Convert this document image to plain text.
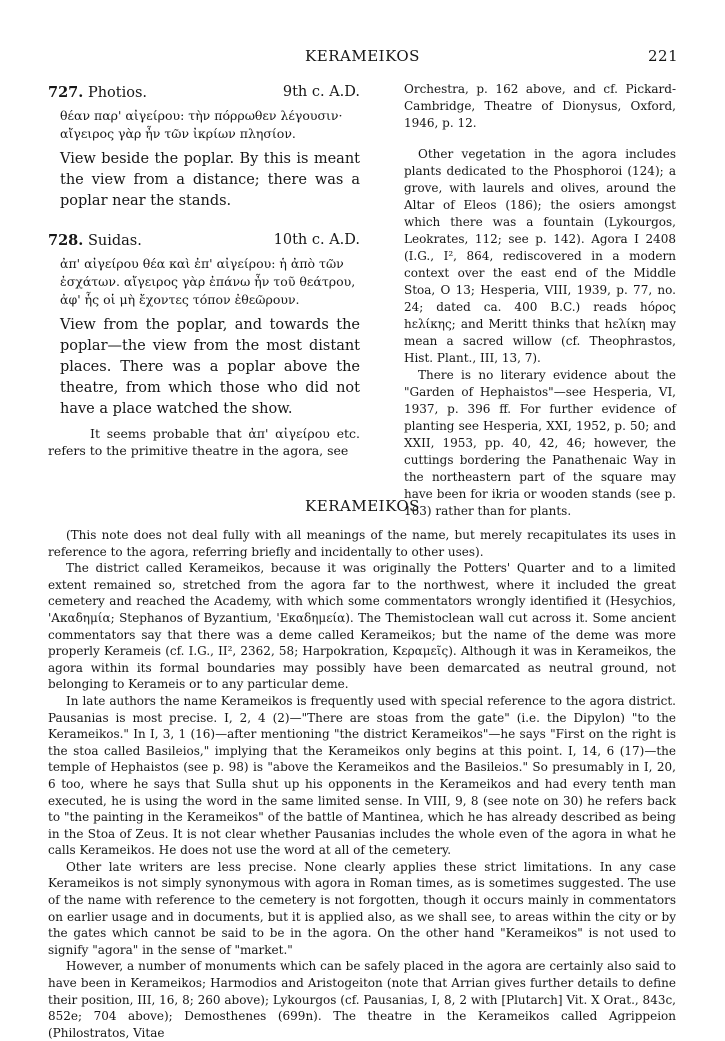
KERAMEIKOS	221
727. Photios.	9th c. A.D.
θέαν παρ' αἰγείρου: τὴν πόρρωθεν λέγουσιν·
αἴγειρος γὰρ ἦν τῶν ἰκρίων πλησίον.
View beside the poplar. By this is meant the view from a distance; there was a poplar near the stands.
728. Suidas.	10th c. A.D.
ἀπ' αἰγείρου θέα καὶ ἐπ' αἰγείρου: ἡ ἀπὸ τῶν
ἐσχάτων. αἴγειρος γὰρ ἐπάνω ἦν τοῦ θεάτρου,
ἀφ' ἧς οἱ μὴ ἔχοντες τόπον ἐθεῶρουν.
View from the poplar, and towards the poplar—the view from the most distant places. There was a poplar above the theatre, from which those who did not have a place watched the show.
It seems probable that ἀπ' αἰγείρου etc. refers to the primitive theatre in the agora, see

Orchestra, p. 162 above, and cf. Pickard-Cambridge, Theatre of Dionysus, Oxford, 1946, p. 12.

Other vegetation in the agora includes plants dedicated to the Phosphoroi (124); a grove, with laurels and olives, around the Altar of Eleos (186); the osiers amongst which there was a fountain (Lykourgos, Leokrates, 112; see p. 142). Agora I 2408 (I.G., I², 864, rediscovered in a modern context over the east end of the Middle Stoa, O 13; Hesperia, VIII, 1939, p. 77, no. 24; dated ca. 400 B.C.) reads hόρος hελίκης; and Meritt thinks that hελίκη may mean a sacred willow (cf. Theophrastos, Hist. Plant., III, 13, 7).

There is no literary evidence about the "Garden of Hephaistos"—see Hesperia, VI, 1937, p. 396 ff. For further evidence of planting see Hesperia, XXI, 1952, p. 50; and XXII, 1953, pp. 40, 42, 46; however, the cuttings bordering the Panathenaic Way in the northeastern part of the square may have been for ikria or wooden stands (see p. 163) rather than for plants.

KERAMEIKOS

(This note does not deal fully with all meanings of the name, but merely recapitulates its uses in reference to the agora, referring briefly and incidentally to other uses).

The district called Kerameikos, because it was originally the Potters' Quarter and to a limited extent remained so, stretched from the agora far to the northwest, where it included the great cemetery and reached the Academy, with which some commentators wrongly identified it (Hesychios, 'Ακαδημία; Stephanos of Byzantium, 'Εκαδημεία). The Themistoclean wall cut across it. Some ancient commentators say that there was a deme called Kerameikos; but the name of the deme was more properly Kerameis (cf. I.G., II², 2362, 58; Harpokration, Κεραμεῖς). Although it was in Kerameikos, the agora within its formal boundaries may possibly have been demarcated as neutral ground, not belonging to Kerameis or to any particular deme.

In late authors the name Kerameikos is frequently used with special reference to the agora district. Pausanias is most precise. I, 2, 4 (2)—"There are stoas from the gate" (i.e. the Dipylon) "to the Kerameikos." In I, 3, 1 (16)—after mentioning "the district Kerameikos"—he says "First on the right is the stoa called Basileios," implying that the Kerameikos only begins at this point. I, 14, 6 (17)—the temple of Hephaistos (see p. 98) is "above the Kerameikos and the Basileios." So presumably in I, 20, 6 too, where he says that Sulla shut up his opponents in the Kerameikos and had every tenth man executed, he is using the word in the same limited sense. In VIII, 9, 8 (see note on 30) he refers back to "the painting in the Kerameikos" of the battle of Mantinea, which he has already described as being in the Stoa of Zeus. It is not clear whether Pausanias includes the whole even of the agora in what he calls Kerameikos. He does not use the word at all of the cemetery.

Other late writers are less precise. None clearly applies these strict limitations. In any case Kerameikos is not simply synonymous with agora in Roman times, as is sometimes suggested. The use of the name with reference to the cemetery is not forgotten, though it occurs mainly in commentators on earlier usage and in documents, but it is applied also, as we shall see, to areas within the city or by the gates which cannot be said to be in the agora. On the other hand "Kerameikos" is not used to signify "agora" in the sense of "market."

However, a number of monuments which can be safely placed in the agora are certainly also said to have been in Kerameikos; Harmodios and Aristogeiton (note that Arrian gives further details to define their position, III, 16, 8; 260 above); Lykourgos (cf. Pausanias, I, 8, 2 with [Plutarch] Vit. X Orat., 843c, 852e; 704 above); Demosthenes (699n). The theatre in the Kerameikos called Agrippeion (Philostratos, Vitae
